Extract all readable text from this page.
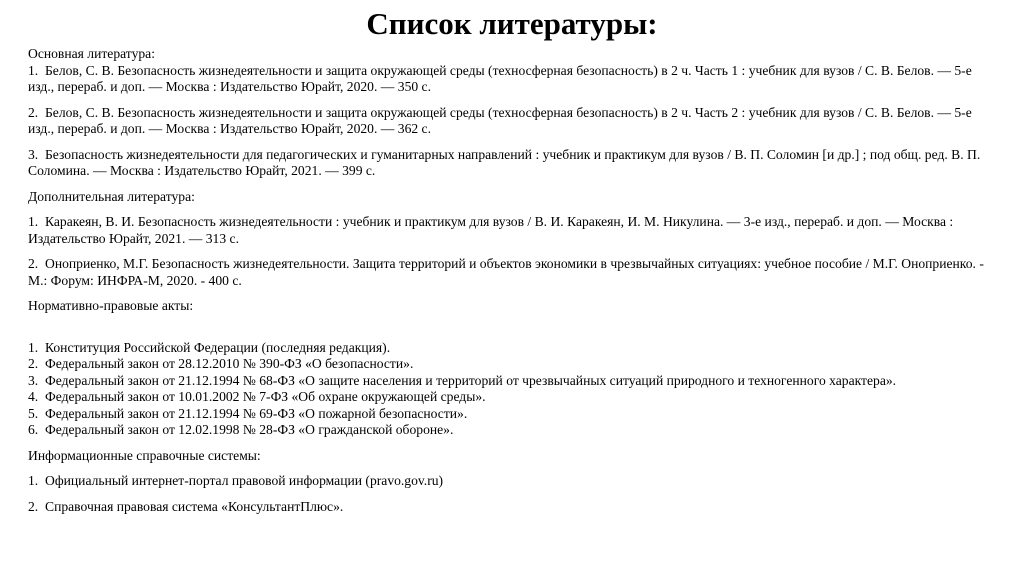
Список литературы:

Основная литература:

1. Белов, С. В. Безопасность жизнедеятельности и защита окружающей среды (техносферная безопасность) в 2 ч. Часть 1 : учебник для вузов / С. В. Белов. — 5-е изд., перераб. и доп. — Москва : Издательство Юрайт, 2020. — 350 с.

2. Белов, С. В. Безопасность жизнедеятельности и защита окружающей среды (техносферная безопасность) в 2 ч. Часть 2 : учебник для вузов / С. В. Белов. — 5-е изд., перераб. и доп. — Москва : Издательство Юрайт, 2020. — 362 с.

3. Безопасность жизнедеятельности для педагогических и гуманитарных направлений : учебник и практикум для вузов / В. П. Соломин [и др.] ; под общ. ред. В. П. Соломина. — Москва : Издательство Юрайт, 2021. — 399 с.

Дополнительная литература:

1. Каракеян, В. И. Безопасность жизнедеятельности : учебник и практикум для вузов / В. И. Каракеян, И. М. Никулина. — 3-е изд., перераб. и доп. — Москва : Издательство Юрайт, 2021. — 313 с.

2. Оноприенко, М.Г. Безопасность жизнедеятельности. Защита территорий и объектов экономики в чрезвычайных ситуациях: учебное пособие / М.Г. Оноприенко. - М.: Форум: ИНФРА-М, 2020. - 400 с.

Нормативно-правовые акты:

1. Конституция Российской Федерации (последняя редакция).
2. Федеральный закон от 28.12.2010 № 390-ФЗ «О безопасности».
3. Федеральный закон от 21.12.1994 № 68-ФЗ «О защите населения и территорий от чрезвычайных ситуаций природного и техногенного характера».
4. Федеральный закон от 10.01.2002 № 7-ФЗ «Об охране окружающей среды».
5. Федеральный закон от 21.12.1994 № 69-ФЗ «О пожарной безопасности».
6. Федеральный закон от 12.02.1998 № 28-ФЗ «О гражданской обороне».

Информационные справочные системы:

1. Официальный интернет-портал правовой информации (pravo.gov.ru)

2. Справочная правовая система «КонсультантПлюс».
